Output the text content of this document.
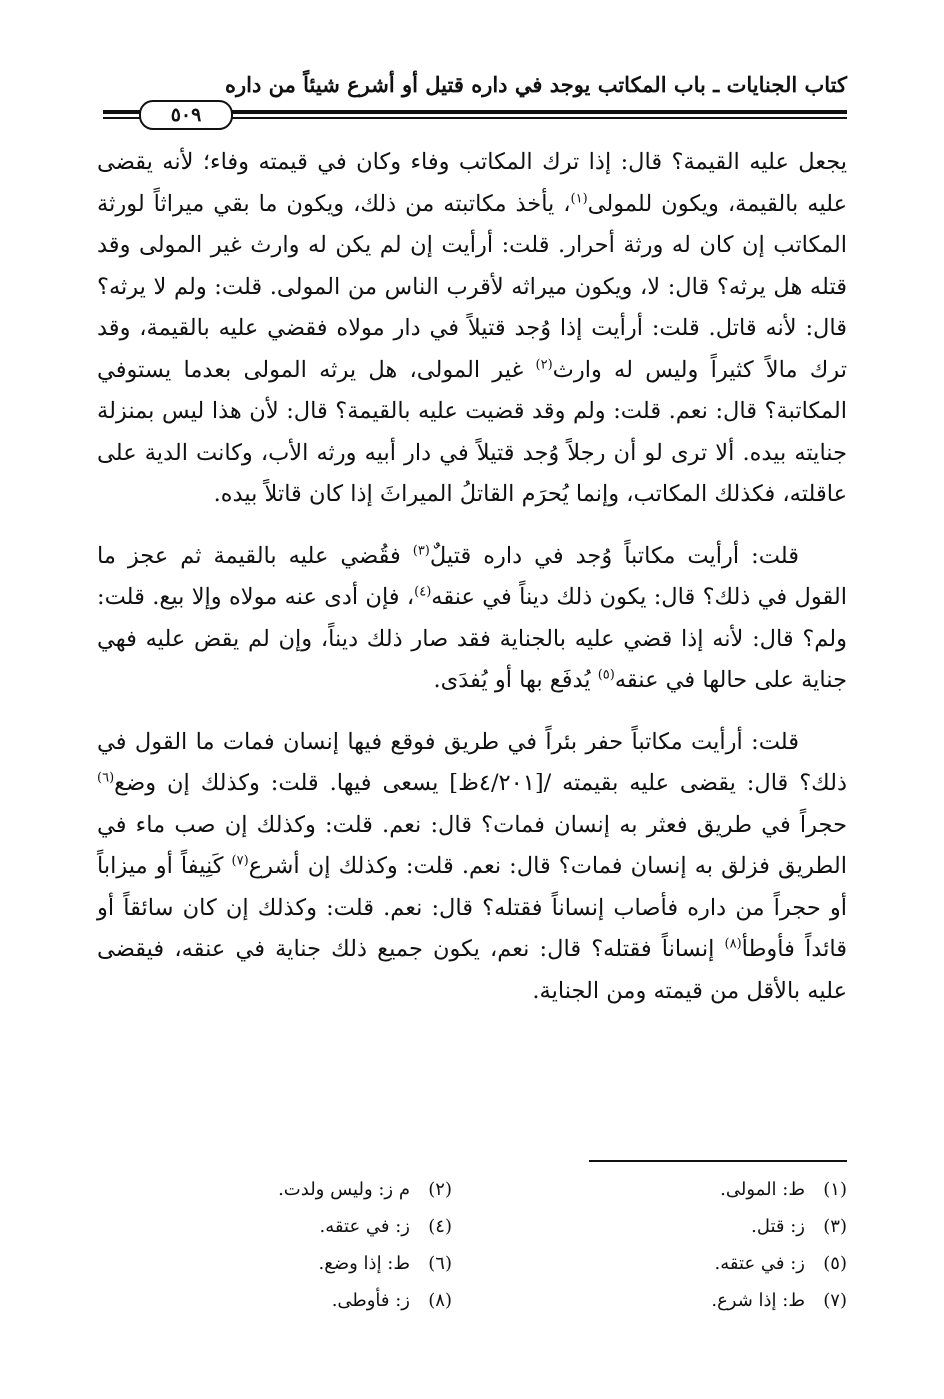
كتاب الجنايات ـ باب المكاتب يوجد في داره قتيل أو أشرع شيئاً من داره
٥٠٩

يجعل عليه القيمة؟ قال: إذا ترك المكاتب وفاء وكان في قيمته وفاء؛ لأنه يقضى عليه بالقيمة، ويكون للمولى$^{(١)}$، يأخذ مكاتبته من ذلك، ويكون ما بقي ميراثاً لورثة المكاتب إن كان له ورثة أحرار. قلت: أرأيت إن لم يكن له وارث غير المولى وقد قتله هل يرثه؟ قال: لا، ويكون ميراثه لأقرب الناس من المولى. قلت: ولم لا يرثه؟ قال: لأنه قاتل. قلت: أرأيت إذا وُجد قتيلاً في دار مولاه فقضي عليه بالقيمة، وقد ترك مالاً كثيراً وليس له وارث$^{(٢)}$ غير المولى، هل يرثه المولى بعدما يستوفي المكاتبة؟ قال: نعم. قلت: ولم وقد قضيت عليه بالقيمة؟ قال: لأن هذا ليس بمنزلة جنايته بيده. ألا ترى لو أن رجلاً وُجد قتيلاً في دار أبيه ورثه الأب، وكانت الدية على عاقلته، فكذلك المكاتب، وإنما يُحرَم القاتلُ الميراثَ إذا كان قاتلاً بيده.

قلت: أرأيت مكاتباً وُجد في داره قتيلٌ$^{(٣)}$ فقُضي عليه بالقيمة ثم عجز ما القول في ذلك؟ قال: يكون ذلك ديناً في عنقه$^{(٤)}$، فإن أدى عنه مولاه وإلا بيع. قلت: ولم؟ قال: لأنه إذا قضي عليه بالجناية فقد صار ذلك ديناً، وإن لم يقض عليه فهي جناية على حالها في عنقه$^{(٥)}$ يُدفَع بها أو يُفدَى.

قلت: أرأيت مكاتباً حفر بئراً في طريق فوقع فيها إنسان فمات ما القول في ذلك؟ قال: يقضى عليه بقيمته /[٤/٢٠١ظ] يسعى فيها. قلت: وكذلك إن وضع$^{(٦)}$ حجراً في طريق فعثر به إنسان فمات؟ قال: نعم. قلت: وكذلك إن صب ماء في الطريق فزلق به إنسان فمات؟ قال: نعم. قلت: وكذلك إن أشرع$^{(٧)}$ كَنِيفاً أو ميزاباً أو حجراً من داره فأصاب إنساناً فقتله؟ قال: نعم. قلت: وكذلك إن كان سائقاً أو قائداً فأوطأ$^{(٨)}$ إنساناً فقتله؟ قال: نعم، يكون جميع ذلك جناية في عنقه، فيقضى عليه بالأقل من قيمته ومن الجناية.

(١)ط: المولى.
(٢)م ز: وليس ولدت.
(٣)ز: قتل.
(٤)ز: في عتقه.
(٥)ز: في عتقه.
(٦)ط: إذا وضع.
(٧)ط: إذا شرع.
(٨)ز: فأوطى.
